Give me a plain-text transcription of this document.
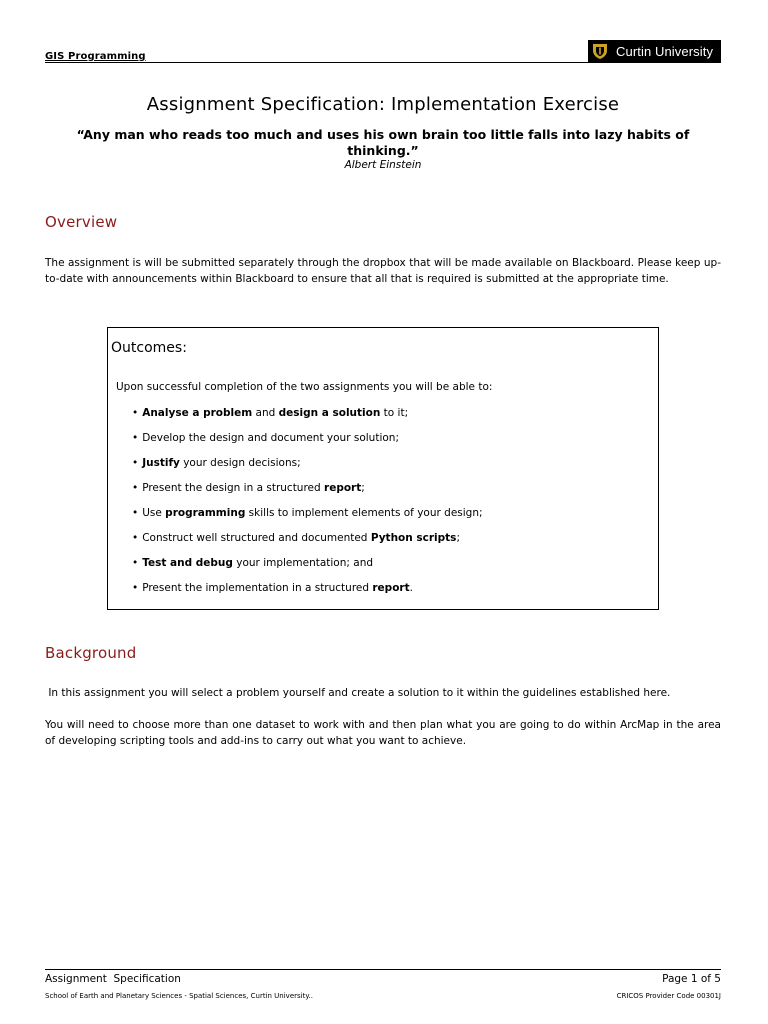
GIS Programming	Curtin University
Assignment Specification: Implementation Exercise
“Any man who reads too much and uses his own brain too little falls into lazy habits of thinking.”
Albert Einstein
Overview
The assignment is will be submitted separately through the dropbox that will be made available on Blackboard. Please keep up-to-date with announcements within Blackboard to ensure that all that is required is submitted at the appropriate time.
Outcomes:
Upon successful completion of the two assignments you will be able to:
• Analyse a problem and design a solution to it;
• Develop the design and document your solution;
• Justify your design decisions;
• Present the design in a structured report;
• Use programming skills to implement elements of your design;
• Construct well structured and documented Python scripts;
• Test and debug your implementation; and
• Present the implementation in a structured report.
Background
In this assignment you will select a problem yourself and create a solution to it within the guidelines established here.
You will need to choose more than one dataset to work with and then plan what you are going to do within ArcMap in the area of developing scripting tools and add-ins to carry out what you want to achieve.
Assignment  Specification	Page 1 of 5
School of Earth and Planetary Sciences - Spatial Sciences, Curtin University..	CRICOS Provider Code 00301J
